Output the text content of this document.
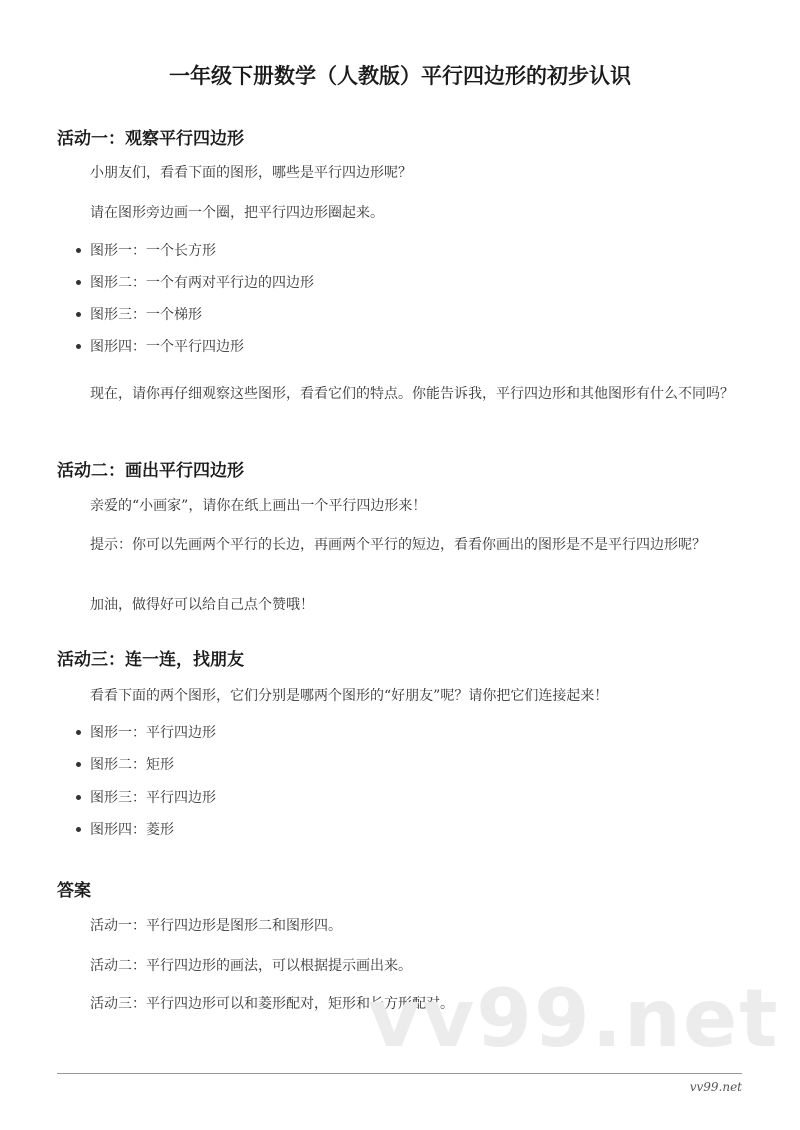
一年级下册数学（人教版）平行四边形的初步认识
活动一：观察平行四边形
小朋友们，看看下面的图形，哪些是平行四边形呢？
请在图形旁边画一个圈，把平行四边形圈起来。
图形一：一个长方形
图形二：一个有两对平行边的四边形
图形三：一个梯形
图形四：一个平行四边形
现在，请你再仔细观察这些图形，看看它们的特点。你能告诉我，平行四边形和其他图形有什么不同吗？
活动二：画出平行四边形
亲爱的“小画家”，请你在纸上画出一个平行四边形来！
提示：你可以先画两个平行的长边，再画两个平行的短边，看看你画出的图形是不是平行四边形呢？
加油，做得好可以给自己点个赞哦！
活动三：连一连，找朋友
看看下面的两个图形，它们分别是哪两个图形的“好朋友”呢？请你把它们连接起来！
图形一：平行四边形
图形二：矩形
图形三：平行四边形
图形四：菱形
答案
活动一：平行四边形是图形二和图形四。
活动二：平行四边形的画法，可以根据提示画出来。
活动三：平行四边形可以和菱形配对，矩形和长方形配对。
vv99.net
vv99.net
